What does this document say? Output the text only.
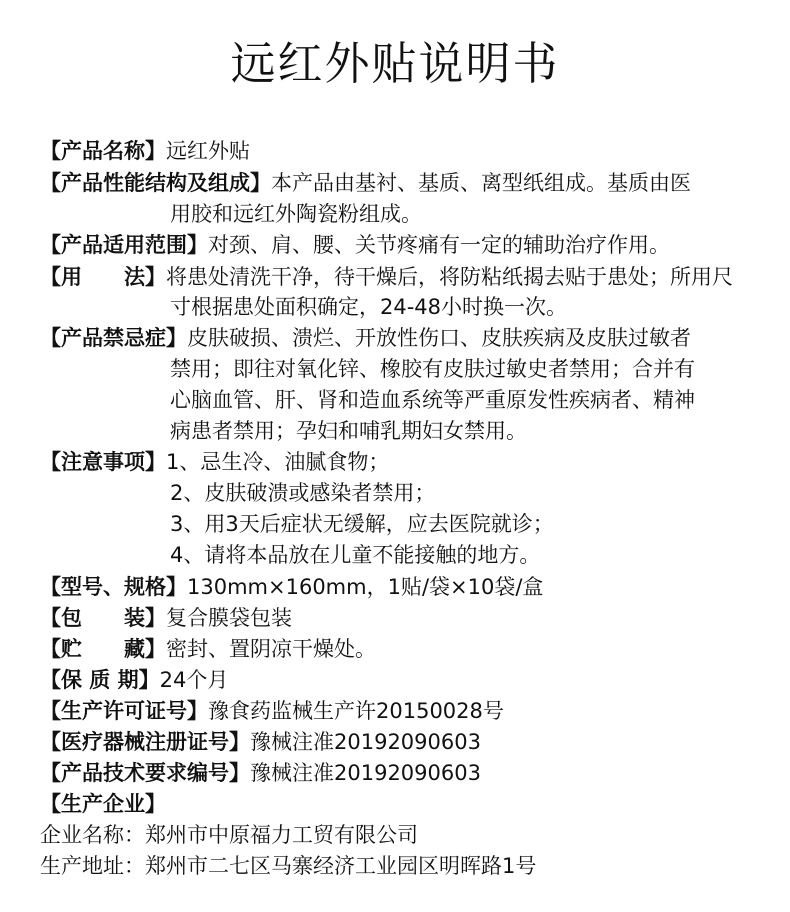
远红外贴说明书
【产品名称】远红外贴
【产品性能结构及组成】本产品由基衬、基质、离型纸组成。基质由医
用胶和远红外陶瓷粉组成。
【产品适用范围】对颈、肩、腰、关节疼痛有一定的辅助治疗作用。
【用　　法】将患处清洗干净，待干燥后，将防粘纸揭去贴于患处；所用尺
寸根据患处面积确定，24-48小时换一次。
【产品禁忌症】皮肤破损、溃烂、开放性伤口、皮肤疾病及皮肤过敏者
禁用；即往对氧化锌、橡胶有皮肤过敏史者禁用；合并有
心脑血管、肝、肾和造血系统等严重原发性疾病者、精神
病患者禁用；孕妇和哺乳期妇女禁用。
【注意事项】1、忌生冷、油腻食物；
2、皮肤破溃或感染者禁用；
3、用3天后症状无缓解，应去医院就诊；
4、请将本品放在儿童不能接触的地方。
【型号、规格】130mm×160mm，1贴/袋×10袋/盒
【包　　装】复合膜袋包装
【贮　　藏】密封、置阴凉干燥处。
【保 质 期】24个月
【生产许可证号】豫食药监械生产许20150028号
【医疗器械注册证号】豫械注准20192090603
【产品技术要求编号】豫械注准20192090603
【生产企业】
企业名称：郑州市中原福力工贸有限公司
生产地址：郑州市二七区马寨经济工业园区明晖路1号
